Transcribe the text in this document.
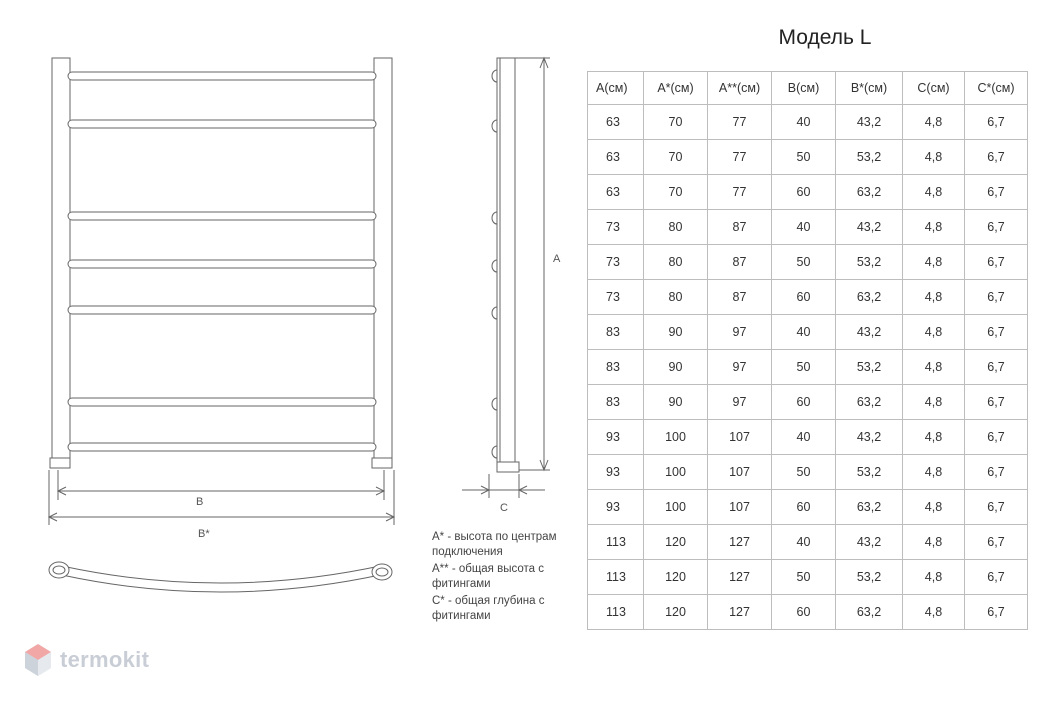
B
B*
A
C
Модель L
A(см)	A*(см)	A**(см)	B(см)	B*(см)	C(см)	C*(см)
63	70	77	40	43,2	4,8	6,7
63	70	77	50	53,2	4,8	6,7
63	70	77	60	63,2	4,8	6,7
73	80	87	40	43,2	4,8	6,7
73	80	87	50	53,2	4,8	6,7
73	80	87	60	63,2	4,8	6,7
83	90	97	40	43,2	4,8	6,7
83	90	97	50	53,2	4,8	6,7
83	90	97	60	63,2	4,8	6,7
93	100	107	40	43,2	4,8	6,7
93	100	107	50	53,2	4,8	6,7
93	100	107	60	63,2	4,8	6,7
113	120	127	40	43,2	4,8	6,7
113	120	127	50	53,2	4,8	6,7
113	120	127	60	63,2	4,8	6,7
A* - высота по центрам подключения
A** - общая высота с фитингами
C* - общая глубина с фитингами
termokit
